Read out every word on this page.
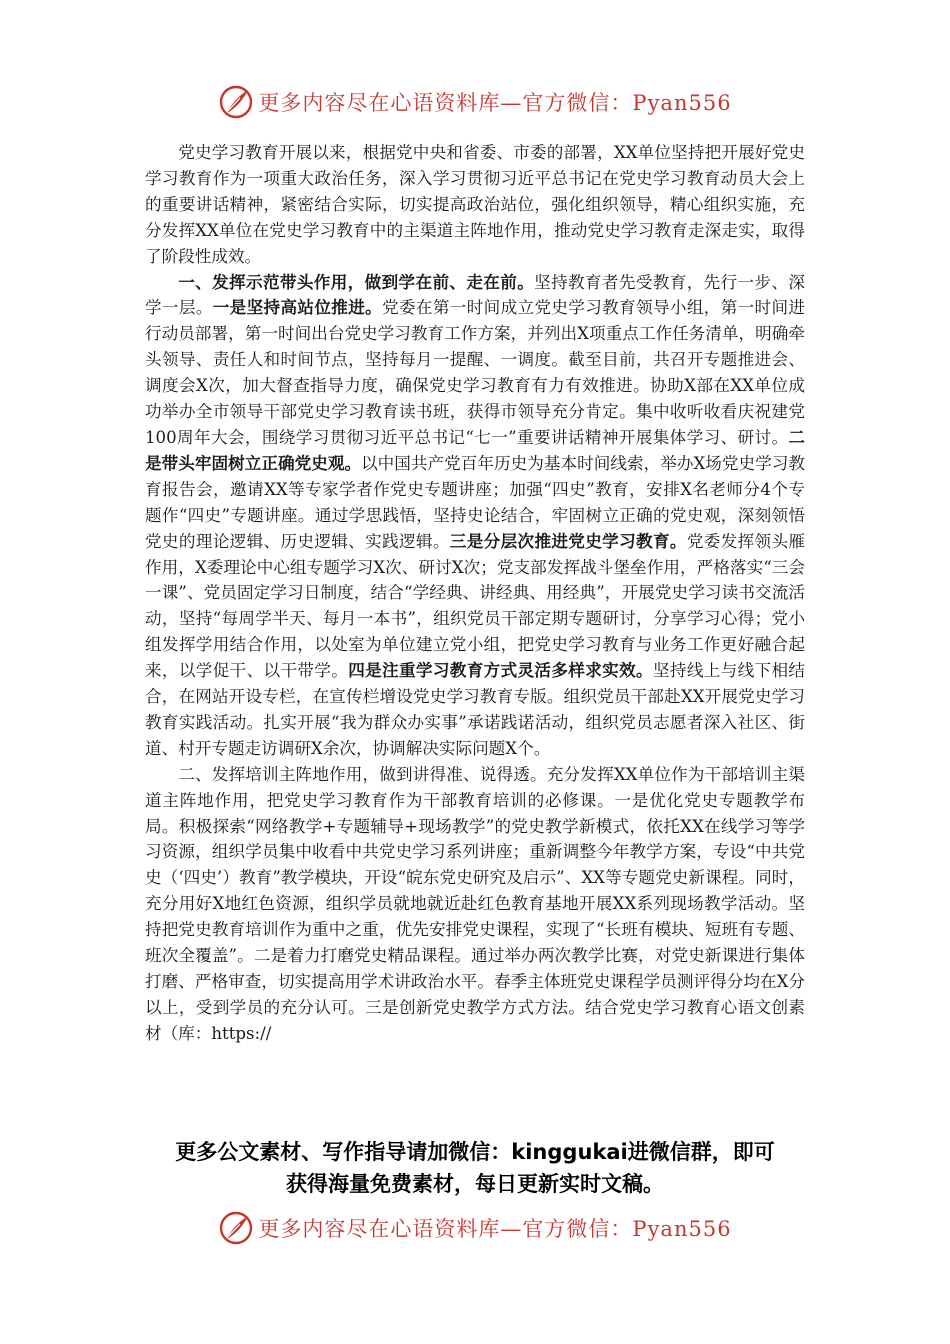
更多内容尽在心语资料库—官方微信：Pyan556

党史学习教育开展以来，根据党中央和省委、市委的部署，XX单位坚持把开展好党史学习教育作为一项重大政治任务，深入学习贯彻习近平总书记在党史学习教育动员大会上的重要讲话精神，紧密结合实际，切实提高政治站位，强化组织领导，精心组织实施，充分发挥XX单位在党史学习教育中的主渠道主阵地作用，推动党史学习教育走深走实，取得了阶段性成效。

一、发挥示范带头作用，做到学在前、走在前。坚持教育者先受教育，先行一步、深学一层。一是坚持高站位推进。党委在第一时间成立党史学习教育领导小组，第一时间进行动员部署，第一时间出台党史学习教育工作方案，并列出X项重点工作任务清单，明确牵头领导、责任人和时间节点，坚持每月一提醒、一调度。截至目前，共召开专题推进会、调度会X次，加大督查指导力度，确保党史学习教育有力有效推进。协助X部在XX单位成功举办全市领导干部党史学习教育读书班，获得市领导充分肯定。集中收听收看庆祝建党100周年大会，围绕学习贯彻习近平总书记“七一”重要讲话精神开展集体学习、研讨。二是带头牢固树立正确党史观。以中国共产党百年历史为基本时间线索，举办X场党史学习教育报告会，邀请XX等专家学者作党史专题讲座；加强“四史”教育，安排X名老师分4个专题作“四史”专题讲座。通过学思践悟，坚持史论结合，牢固树立正确的党史观，深刻领悟党史的理论逻辑、历史逻辑、实践逻辑。三是分层次推进党史学习教育。党委发挥领头雁作用，X委理论中心组专题学习X次、研讨X次；党支部发挥战斗堡垒作用，严格落实“三会一课”、党员固定学习日制度，结合“学经典、讲经典、用经典”，开展党史学习读书交流活动，坚持“每周学半天、每月一本书”，组织党员干部定期专题研讨，分享学习心得；党小组发挥学用结合作用，以处室为单位建立党小组，把党史学习教育与业务工作更好融合起来，以学促干、以干带学。四是注重学习教育方式灵活多样求实效。坚持线上与线下相结合，在网站开设专栏，在宣传栏增设党史学习教育专版。组织党员干部赴XX开展党史学习教育实践活动。扎实开展“我为群众办实事”承诺践诺活动，组织党员志愿者深入社区、街道、村开专题走访调研X余次，协调解决实际问题X个。

二、发挥培训主阵地作用，做到讲得准、说得透。充分发挥XX单位作为干部培训主渠道主阵地作用，把党史学习教育作为干部教育培训的必修课。一是优化党史专题教学布局。积极探索“网络教学+专题辅导+现场教学”的党史教学新模式，依托XX在线学习等学习资源，组织学员集中收看中共党史学习系列讲座；重新调整今年教学方案，专设“中共党史（‘四史’）教育”教学模块，开设“皖东党史研究及启示”、XX等专题党史新课程。同时，充分用好X地红色资源，组织学员就地就近赴红色教育基地开展XX系列现场教学活动。坚持把党史教育培训作为重中之重，优先安排党史课程，实现了“长班有模块、短班有专题、班次全覆盖”。二是着力打磨党史精品课程。通过举办两次教学比赛，对党史新课进行集体打磨、严格审查，切实提高用学术讲政治水平。春季主体班党史课程学员测评得分均在X分以上，受到学员的充分认可。三是创新党史教学方式方法。结合党史学习教育心语文创素材（库：https://

更多公文素材、写作指导请加微信：kinggukai进微信群，即可
获得海量免费素材，每日更新实时文稿。
更多内容尽在心语资料库—官方微信：Pyan556
